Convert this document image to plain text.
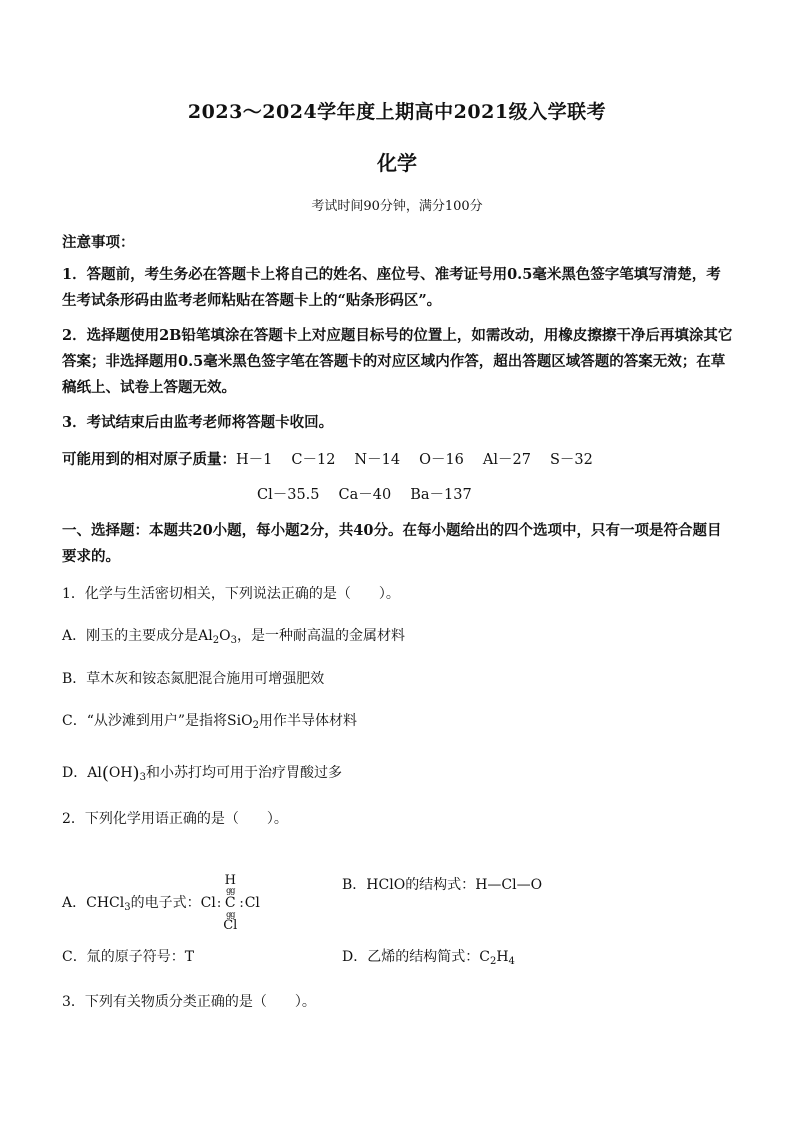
2023～2024学年度上期高中2021级入学联考
化学
考试时间90分钟，满分100分
注意事项：
1．答题前，考生务必在答题卡上将自己的姓名、座位号、准考证号用0.5毫米黑色签字笔填写清楚，考生考试条形码由监考老师粘贴在答题卡上的“贴条形码区”。
2．选择题使用2B铅笔填涂在答题卡上对应题目标号的位置上，如需改动，用橡皮擦擦干净后再填涂其它答案；非选择题用0.5毫米黑色签字笔在答题卡的对应区域内作答，超出答题区域答题的答案无效；在草稿纸上、试卷上答题无效。
3．考试结束后由监考老师将答题卡收回。
可能用到的相对原子质量：H－1 C－12 N－14 O－16 Al－27 S－32
Cl－35.5 Ca－40 Ba－137
一、选择题：本题共20小题，每小题2分，共40分。在每小题给出的四个选项中，只有一项是符合题目要求的。
1．化学与生活密切相关，下列说法正确的是（　　）。
A．刚玉的主要成分是$Al_2O_3$，是一种耐高温的金属材料
B．草木灰和铵态氮肥混合施用可增强肥效
C．“从沙滩到用户”是指将SiO$_2$用作半导体材料
D．$Al(OH)_3$和小苏打均可用于治疗胃酸过多
2．下列化学用语正确的是（　　）。
A．CHCl$_3$的电子式：Cl:
H
gg
C
gg
Cl
:Cl
B．HClO的结构式：H—Cl—O
C．氚的原子符号：T	D．乙烯的结构简式：$C_2H_4$
3．下列有关物质分类正确的是（　　）。
